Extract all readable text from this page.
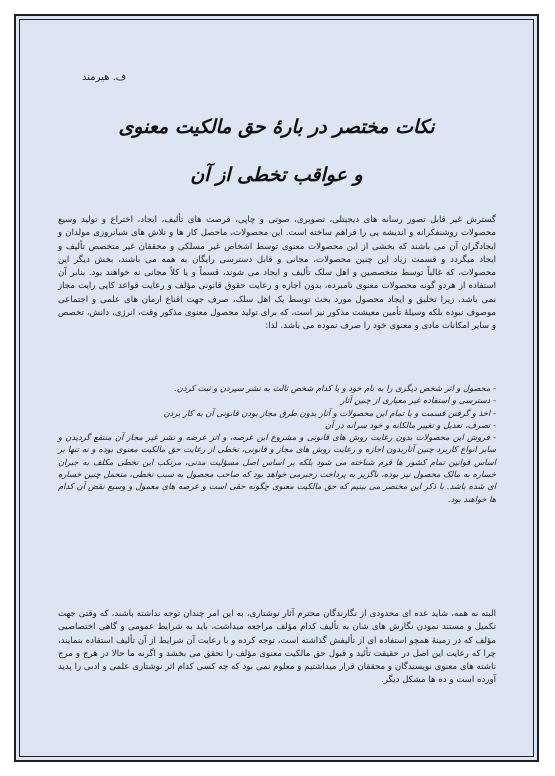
ف. هیرمند
نکات مختصر در بارهٔ حق مالکیت معنوی
و عواقب تخطی از آن

گسترش غیر قابل تصور رسانه های دیجیتلی، تصویری، صوتی و چاپی، فرصت های تألیف، ایجاد، اختراع و تولید وسیع محصولات روشنفکرانه و اندیشه یی را فراهم ساخته است. این محصولات، ماحصل کار ها و تلاش های شبانروزی مولدان و ایجادگران آن می باشند که بخشی از این محصولات معنوی توسط اشخاص غیر مسلکی و محققان غیر متخصص تألیف و ایجاد میگردد و قسمت زیاد این چنین محصولات، مجانی و قابل دسترسی رایگان به همه می باشند، بخش دیگر این محصولات، که غالباً توسط متخصصین و اهل سلک تألیف و ایجاد می شوند، قسماً و یا کلاً مجانی نه خواهند بود. بنابر آن استفاده از هردو گونه محصولات معنوی نامبرده، بدون اجازه و رعایت حقوق قانونی مؤلف و رعایت قواعد کاپی رایت مجاز نمی باشد، زیرا تخلیق و ایجاد محصول مورد بحث توسط یک اهل سلک، صرف جهت اقناع ارمان های علمی و اجتماعی موصوف نبوده بلکه وسیلهٔ تأمین معیشت مذکور نیز است، که برای تولید محصول معنوی مذکور وقت، انرژی، دانش، تخصص و سایر امکانات مادی و معنوی خود را صرف نموده می باشد. لذا:

- محصول و اثر شخص دیگری را به نام خود و یا کدام شخص ثالث به نشر سپردن و ثبت کردن.
- دسترسی و استفاده غیر معیاری از چنین آثار
- اخذ و گرفتن قسمت و یا تمام این محصولات و آثار بدون طرق مجاز بودن قانونی آن به کار بردن
- تصرف، تعدیل و تغییر مالکانه و خود سرانه در آن
- فروش این محصولات بدون رعایت روش های قانونی و مشروع این عرصه، و اثر عرضه و نشر غیر مجاز آن منتفع گردیدن و سایر انواع کاربرد چنین آثاربدون اجازه و رعایت روش های مجاز و قانونی، تخطی از رعایت حق مالکیت معنوی بوده و نه تنها بر اساس قوانین تمام کشور ها قرم شناخته می شود بلکه بر اساس اصل مسؤلیت مدنی، مرتکب این تخطی مکلف به جبران خساره به مالک محصول نیز بوده، ناگزیر به پرداخت رجبرمی خواهد بود که صاحب محصول به سبب تخطی، متحمل چنین خساره ای شده باشد. با ذکر این مختصر می بینیم که حق مالکیت معنوی چگونه حقی است و عرصه های معمول و وسیع نقض آن کدام ها خواهند بود.

البته نه همه، شاید عده ای محدودی از نگارندگان محترم آثار نوشتاری، به این امر چندان توجه نداشته باشند، که وقتی جهت تکمیل و مستند نمودن نگارش های شان به تألیف کدام مؤلف مراجعه میداشت، باید به شرایط عمومی و گاهی اختصاصیی مؤلف که در زمینهٔ همچو استفاده ای از تألیفش گذاشته است، توجه کرده و با رعایت آن شرایط از آن تألیف استفاده بنمایند، چرا که رعایت این اصل در حقیقت تأئید و قبول حق مالکیت معنوی مؤلف را تحقق می بخشد و اگرنه ما حالا در هرج و مرج ناشته های معنوی نویسندگان و محققان قرار میداشتیم و معلوم نمی بود که چه کسی کدام اثر نوشتاری علمی و ادبی را پدید آورده است و ده ها مشکل دیگر.
